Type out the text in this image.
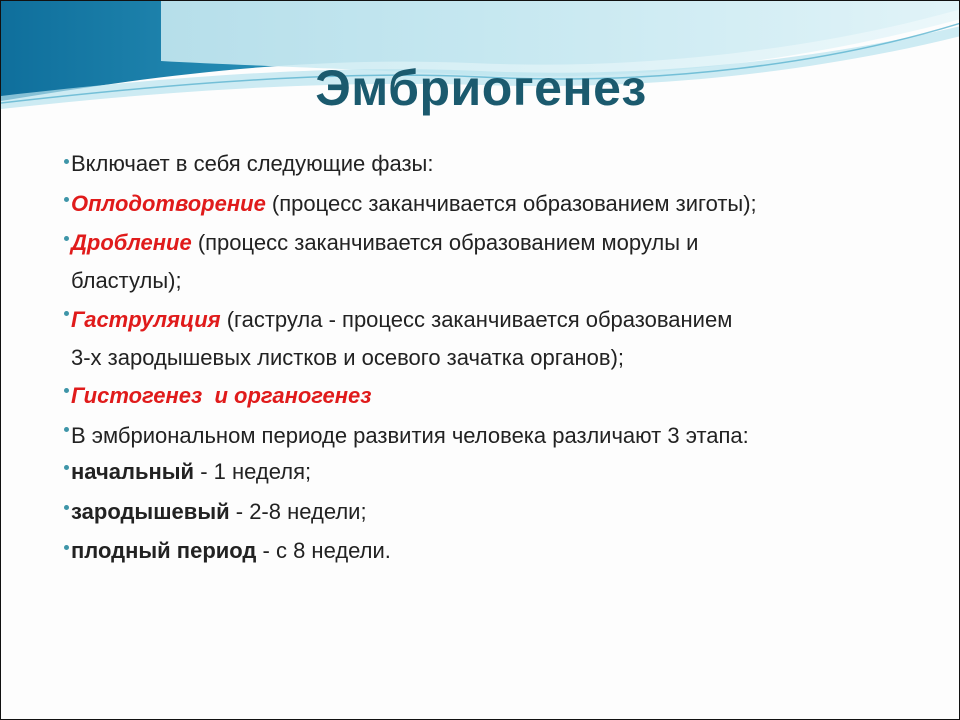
Эмбриогенез
Включает в себя следующие фазы:
Оплодотворение (процесс заканчивается образованием зиготы);
Дробление (процесс заканчивается образованием морулы и
бластулы);
Гаструляция (гаструла - процесс заканчивается образованием
3-х зародышевых листков и осевого зачатка органов);
Гистогенез  и органогенез
В эмбриональном периоде развития человека различают 3 этапа:
начальный - 1 неделя;
зародышевый - 2-8 недели;
плодный период - с 8 недели.
